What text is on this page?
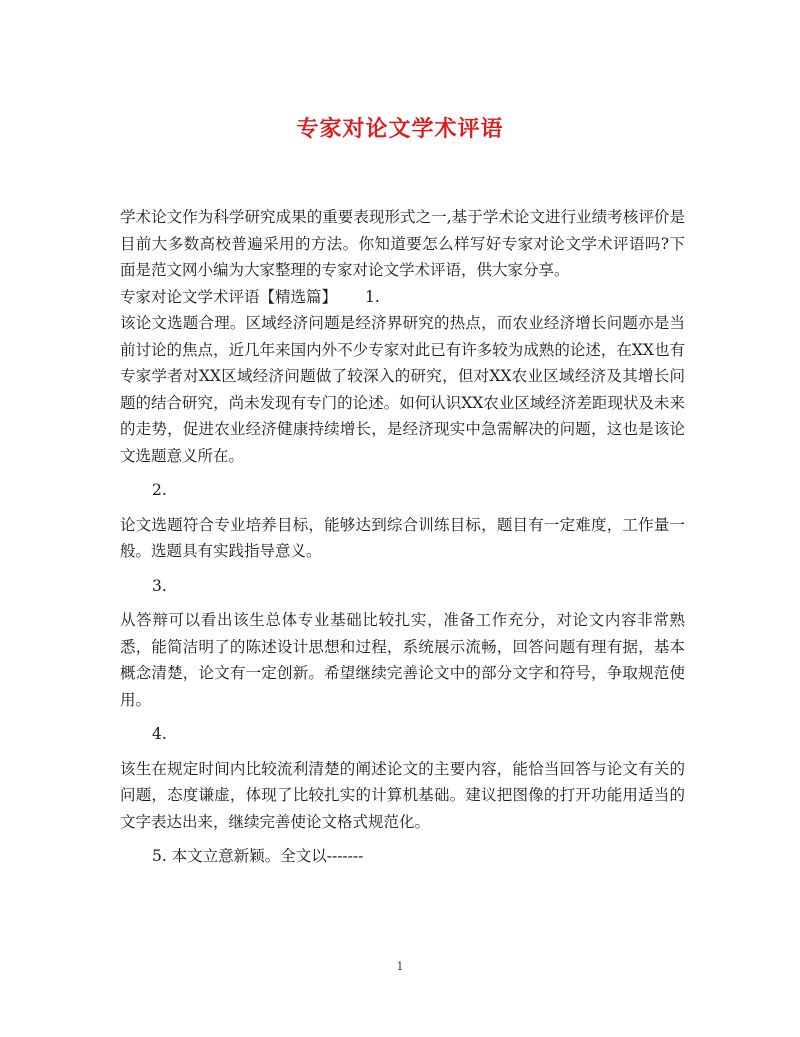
专家对论文学术评语

学术论文作为科学研究成果的重要表现形式之一,基于学术论文进行业绩考核评价是目前大多数高校普遍采用的方法。你知道要怎么样写好专家对论文学术评语吗?下面是范文网小编为大家整理的专家对论文学术评语，供大家分享。

专家对论文学术评语【精选篇】 1.

该论文选题合理。区域经济问题是经济界研究的热点，而农业经济增长问题亦是当前讨论的焦点，近几年来国内外不少专家对此已有许多较为成熟的论述，在XX也有专家学者对XX区域经济问题做了较深入的研究，但对XX农业区域经济及其增长问题的结合研究，尚未发现有专门的论述。如何认识XX农业区域经济差距现状及未来的走势，促进农业经济健康持续增长，是经济现实中急需解决的问题，这也是该论文选题意义所在。

2.

论文选题符合专业培养目标，能够达到综合训练目标，题目有一定难度，工作量一般。选题具有实践指导意义。

3.

从答辩可以看出该生总体专业基础比较扎实，准备工作充分，对论文内容非常熟悉，能简洁明了的陈述设计思想和过程，系统展示流畅，回答问题有理有据，基本概念清楚，论文有一定创新。希望继续完善论文中的部分文字和符号，争取规范使用。

4.

该生在规定时间内比较流利清楚的阐述论文的主要内容，能恰当回答与论文有关的问题，态度谦虚，体现了比较扎实的计算机基础。建议把图像的打开功能用适当的文字表达出来，继续完善使论文格式规范化。

5. 本文立意新颖。全文以-------

1
